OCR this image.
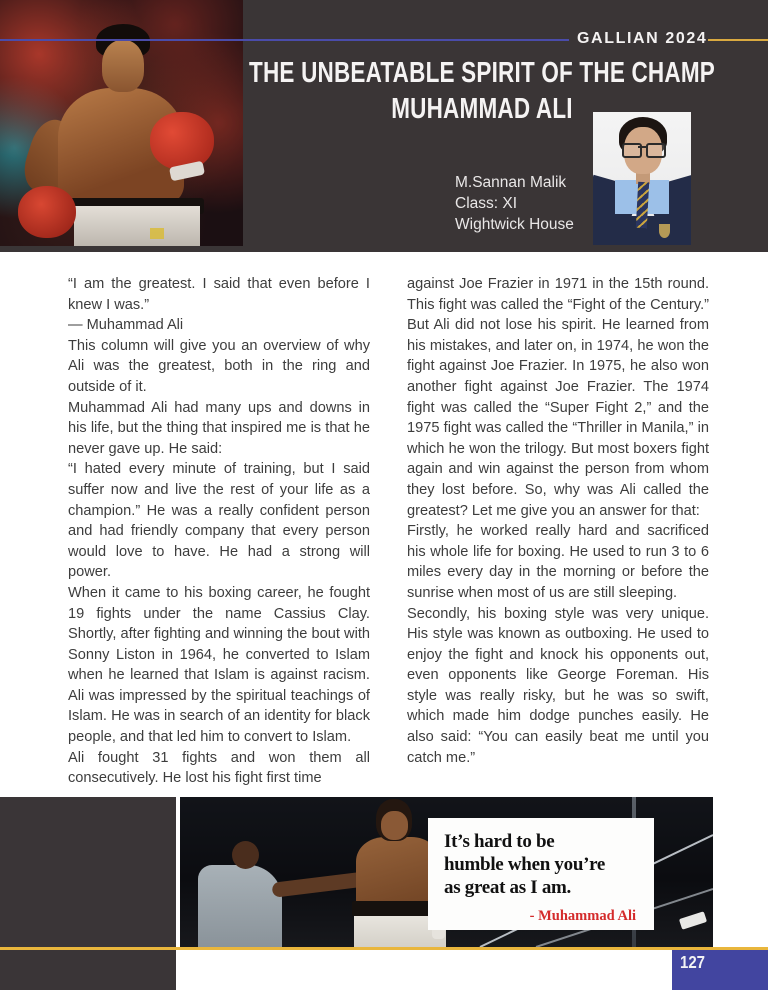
GALLIAN 2024
THE UNBEATABLE SPIRIT OF THE CHAMP
MUHAMMAD ALI
M.Sannan Malik
Class: XI
Wightwick House

“I am the greatest. I said that even before I knew I was.”

— Muhammad Ali

This column will give you an overview of why Ali was the greatest, both in the ring and outside of it.

Muhammad Ali had many ups and downs in his life, but the thing that inspired me is that he never gave up. He said:

“I hated every minute of training, but I said suffer now and live the rest of your life as a champion.” He was a really confident person and had friendly company that every person would love to have. He had a strong will power.

When it came to his boxing career, he fought 19 fights under the name Cassius Clay. Shortly, after fighting and winning the bout with Sonny Liston in 1964, he converted to Islam when he learned that Islam is against racism. Ali was impressed by the spiritual teachings of Islam. He was in search of an identity for black people, and that led him to convert to Islam.

Ali fought 31 fights and won them all consecutively. He lost his fight first time

against Joe Frazier in 1971 in the 15th round. This fight was called the “Fight of the Century.” But Ali did not lose his spirit. He learned from his mistakes, and later on, in 1974, he won the fight against Joe Frazier. In 1975, he also won another fight against Joe Frazier. The 1974 fight was called the “Super Fight 2,” and the 1975 fight was called the “Thriller in Manila,” in which he won the trilogy. But most boxers fight again and win against the person from whom they lost before. So, why was Ali called the greatest? Let me give you an answer for that:

Firstly, he worked really hard and sacrificed his whole life for boxing. He used to run 3 to 6 miles every day in the morning or before the sunrise when most of us are still sleeping.

Secondly, his boxing style was very unique. His style was known as outboxing. He used to enjoy the fight and knock his opponents out, even opponents like George Foreman. His style was really risky, but he was so swift, which made him dodge punches easily. He also said: “You can easily beat me until you catch me.”

It’s hard to be
humble when you’re
as great as I am.
- Muhammad Ali
127
